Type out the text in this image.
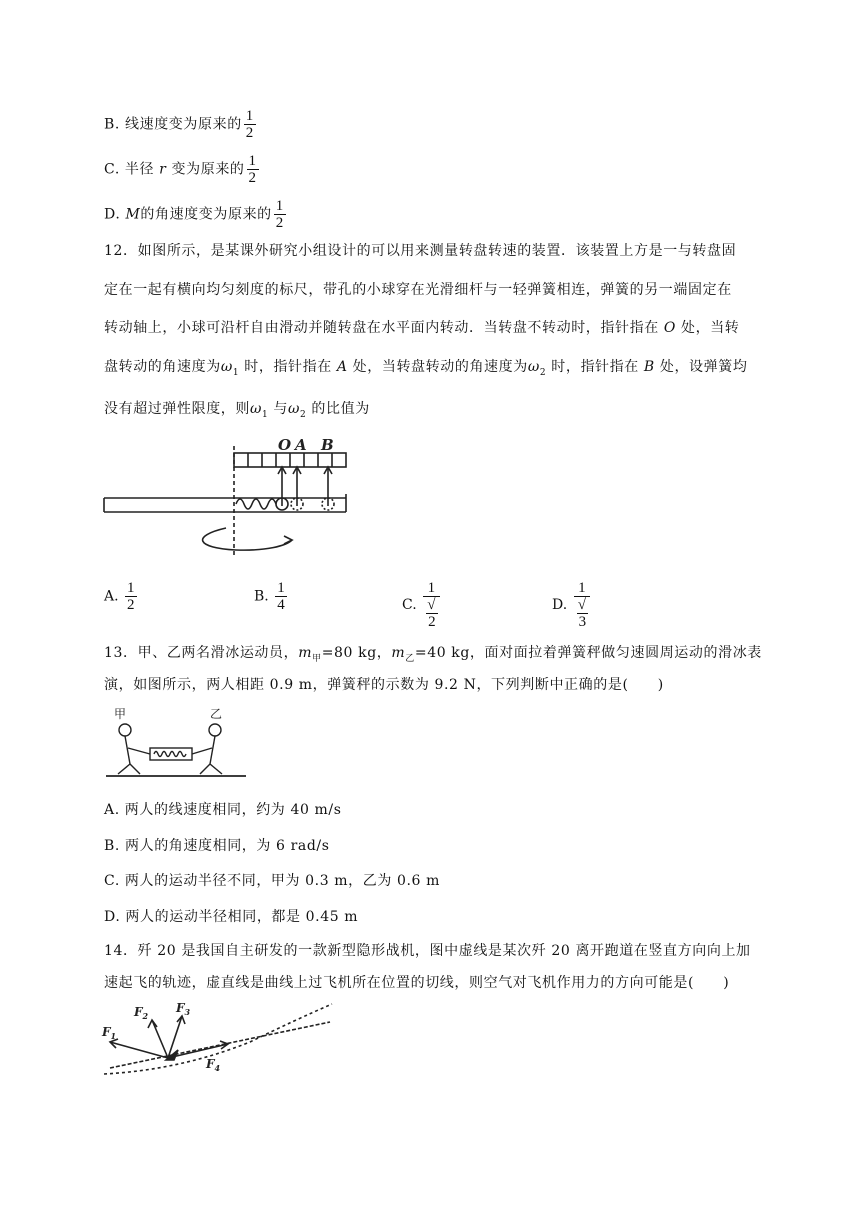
B. 线速度变为原来的 $\frac{1}{2}$
C. 半径 r 变为原来的 $\frac{1}{2}$
D. M的角速度变为原来的 $\frac{1}{2}$
12．如图所示，是某课外研究小组设计的可以用来测量转盘转速的装置．该装置上方是一与转盘固
定在一起有横向均匀刻度的标尺，带孔的小球穿在光滑细杆与一轻弹簧相连，弹簧的另一端固定在
转动轴上，小球可沿杆自由滑动并随转盘在水平面内转动．当转盘不转动时，指针指在 O 处，当转
盘转动的角速度为$\omega_1$ 时，指针指在 A 处，当转盘转动的角速度为$\omega_2$ 时，指针指在 B 处，设弹簧均
没有超过弹性限度，则$\omega_1$ 与$\omega_2$ 的比值为
O A B
A. $\frac{1}{2}$	B. $\frac{1}{4}$	C. 1
√
2	D. 1
√
3
13．甲、乙两名滑冰运动员，$m_甲=80$ kg，$m_乙=40$ kg，面对面拉着弹簧秤做匀速圆周运动的滑冰表
演，如图所示，两人相距 0.9 m，弹簧秤的示数为 9.2 N，下列判断中正确的是(　　)
甲	乙
A. 两人的线速度相同，约为 40 m/s
B. 两人的角速度相同，为 6 rad/s
C. 两人的运动半径不同，甲为 0.3 m，乙为 0.6 m
D. 两人的运动半径相同，都是 0.45 m
14．歼 20 是我国自主研发的一款新型隐形战机，图中虚线是某次歼 20 离开跑道在竖直方向向上加
速起飞的轨迹，虚直线是曲线上过飞机所在位置的切线，则空气对飞机作用力的方向可能是(　　)
$F_1$
$F_2$
$F_3$
$F_4$
